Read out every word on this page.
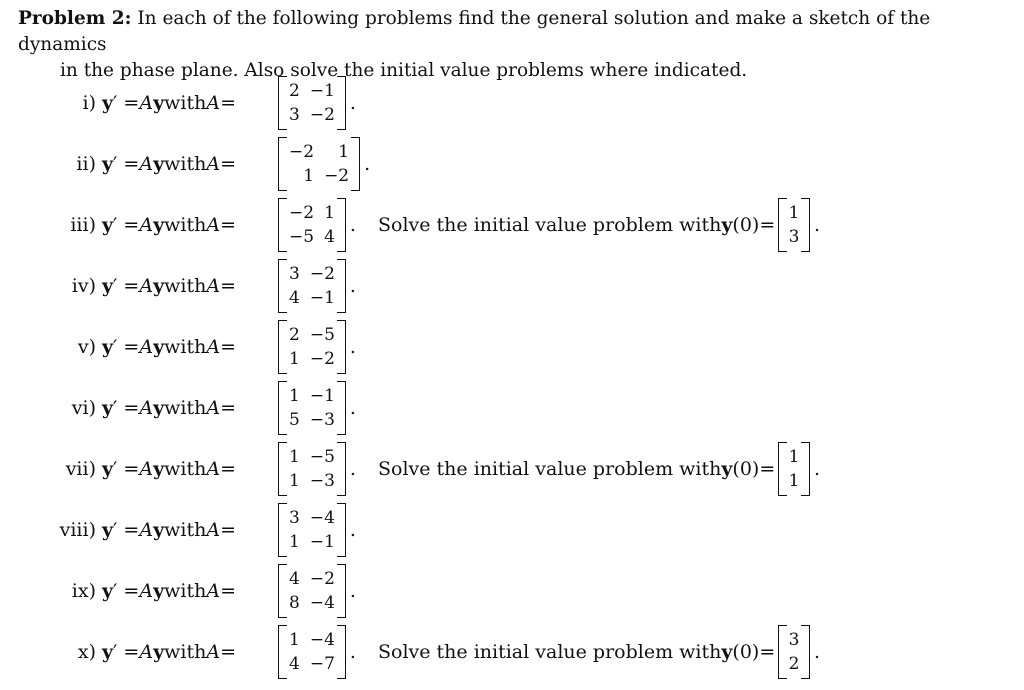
Problem 2: In each of the following problems find the general solution and make a sketch of the dynamics
in the phase plane. Also solve the initial value problems where indicated.
i) y ′ = A y with A =
2 −1
3 −2
.
ii) y ′ = A y with A =
−2	1
1 −2
.
iii) y ′ = A y with A =
−2 1
−5 4
. Solve the initial value problem with y(0) =
1
3
.
iv) y ′ = A y with A =
3 −2
4 −1
.
v) y ′ = A y with A =
2 −5
1 −2
.
vi) y ′ = A y with A =
1 −1
5 −3
.
vii) y ′ = A y with A =
1 −5
1 −3
. Solve the initial value problem with y(0) =
1
1
.
viii) y ′ = A y with A =
3 −4
1 −1
.
ix) y ′ = A y with A =
4 −2
8 −4
.
x) y ′ = A y with A =
1 −4
4 −7
. Solve the initial value problem with y(0) =
3
2
.
